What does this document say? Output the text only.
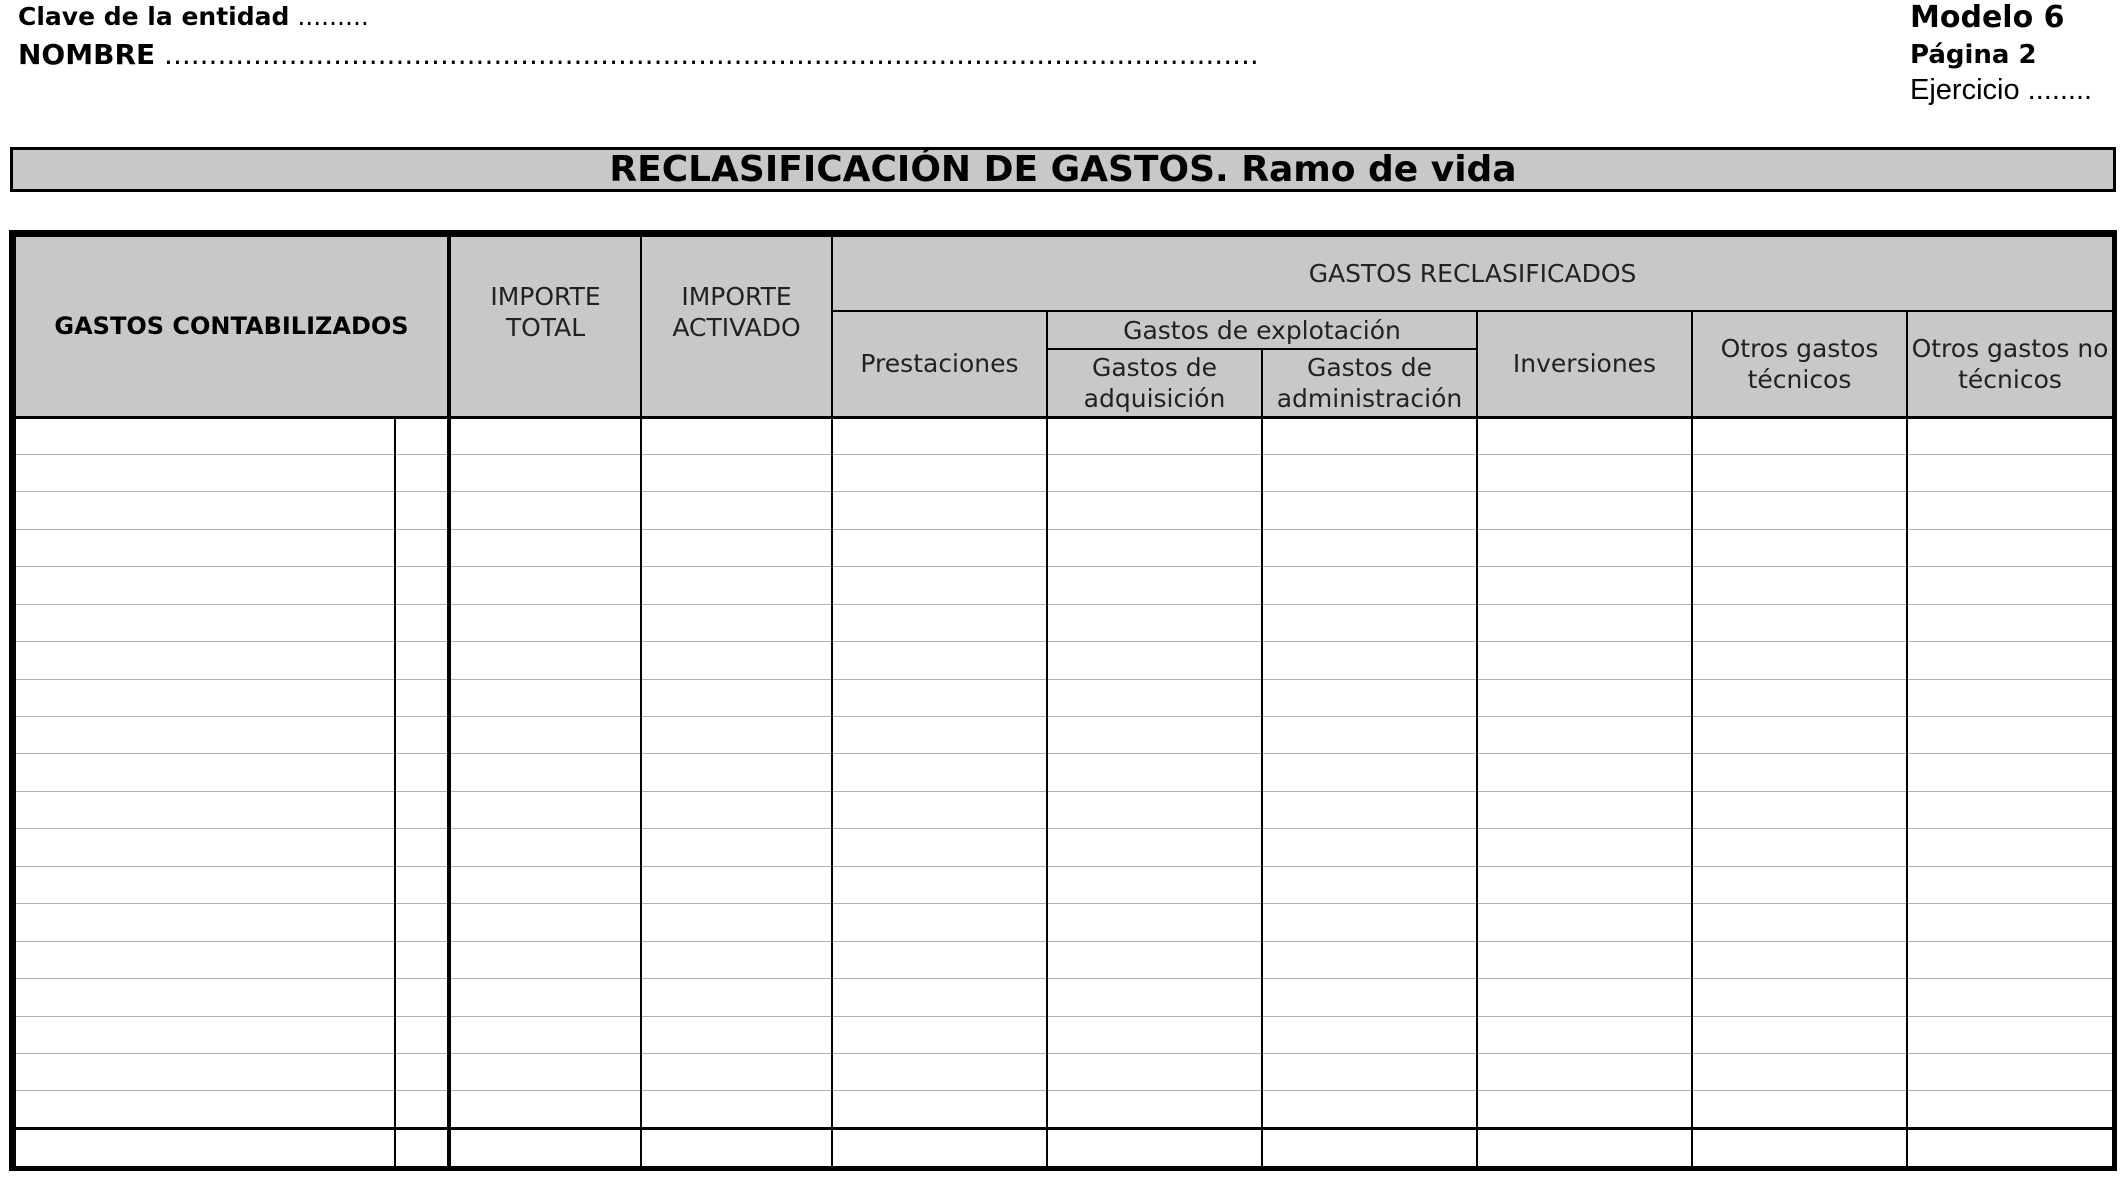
Clave de la entidad .........
NOMBRE ...........................................................................................................................
Modelo 6
Página 2
Ejercicio ........
RECLASIFICACIÓN DE GASTOS. Ramo de vida
GASTOS CONTABILIZADOS		IMPORTE TOTAL	IMPORTE ACTIVADO	GASTOS RECLASIFICADOS					
				Prestaciones	Gastos de explotación		Inversiones	Otros gastos técnicos	Otros gastos no técnicos
					Gastos de adquisición	Gastos de administración			
